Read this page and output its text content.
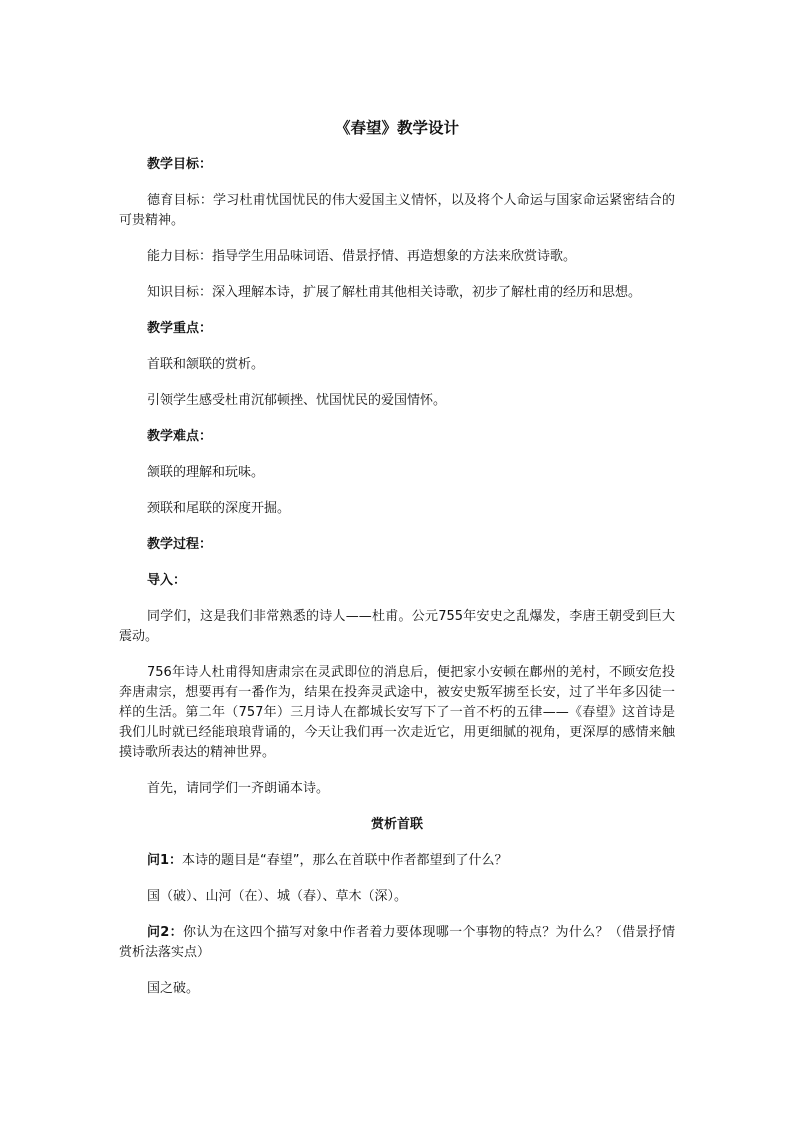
《春望》教学设计
教学目标：
德育目标：学习杜甫忧国忧民的伟大爱国主义情怀，以及将个人命运与国家命运紧密结合的可贵精神。
能力目标：指导学生用品味词语、借景抒情、再造想象的方法来欣赏诗歌。
知识目标：深入理解本诗，扩展了解杜甫其他相关诗歌，初步了解杜甫的经历和思想。
教学重点：
首联和颔联的赏析。
引领学生感受杜甫沉郁顿挫、忧国忧民的爱国情怀。
教学难点：
颔联的理解和玩味。
颈联和尾联的深度开掘。
教学过程：
导入：
同学们，这是我们非常熟悉的诗人——杜甫。公元755年安史之乱爆发，李唐王朝受到巨大震动。
756年诗人杜甫得知唐肃宗在灵武即位的消息后，便把家小安顿在鄜州的羌村，不顾安危投奔唐肃宗，想要再有一番作为，结果在投奔灵武途中，被安史叛军掳至长安，过了半年多囚徒一样的生活。第二年（757年）三月诗人在都城长安写下了一首不朽的五律——《春望》这首诗是我们儿时就已经能琅琅背诵的，今天让我们再一次走近它，用更细腻的视角，更深厚的感情来触摸诗歌所表达的精神世界。
首先，请同学们一齐朗诵本诗。
赏析首联
问1：本诗的题目是“春望”，那么在首联中作者都望到了什么？
国（破）、山河（在）、城（春）、草木（深）。
问2：你认为在这四个描写对象中作者着力要体现哪一个事物的特点？为什么？（借景抒情赏析法落实点）
国之破。
